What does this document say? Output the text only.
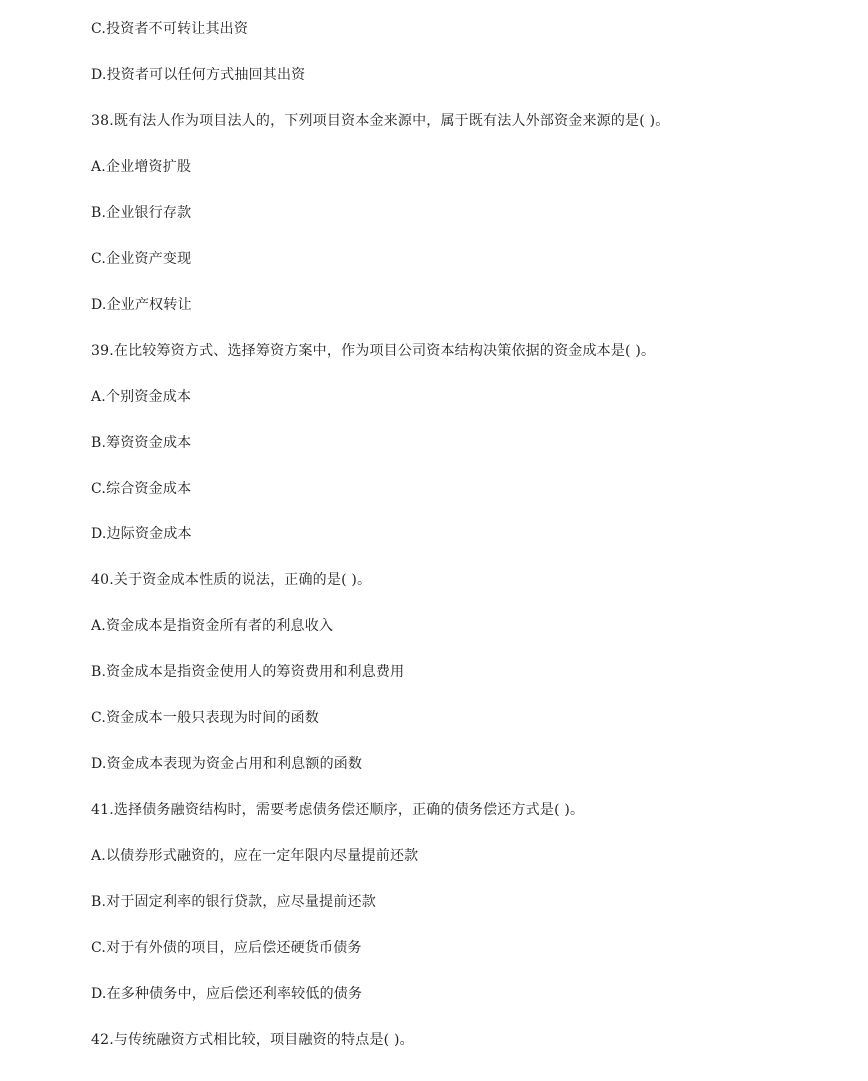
C.投资者不可转让其出资
D.投资者可以任何方式抽回其出资
38.既有法人作为项目法人的，下列项目资本金来源中，属于既有法人外部资金来源的是( )。
A.企业增资扩股
B.企业银行存款
C.企业资产变现
D.企业产权转让
39.在比较筹资方式、选择筹资方案中，作为项目公司资本结构决策依据的资金成本是( )。
A.个别资金成本
B.筹资资金成本
C.综合资金成本
D.边际资金成本
40.关于资金成本性质的说法，正确的是( )。
A.资金成本是指资金所有者的利息收入
B.资金成本是指资金使用人的筹资费用和利息费用
C.资金成本一般只表现为时间的函数
D.资金成本表现为资金占用和利息额的函数
41.选择债务融资结构时，需要考虑债务偿还顺序，正确的债务偿还方式是( )。
A.以债券形式融资的，应在一定年限内尽量提前还款
B.对于固定利率的银行贷款，应尽量提前还款
C.对于有外债的项目，应后偿还硬货币债务
D.在多种债务中，应后偿还利率较低的债务
42.与传统融资方式相比较，项目融资的特点是( )。
